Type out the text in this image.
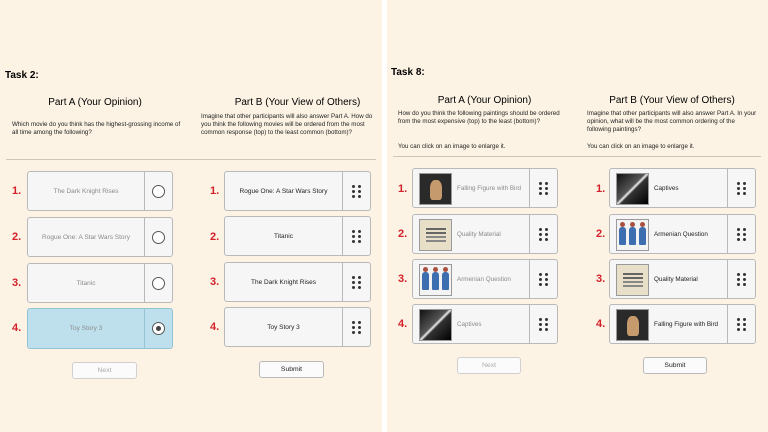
Task 2:
Part A (Your Opinion)
Which movie do you think has the highest-grossing income of all time among the following?
Part B (Your View of Others)
Imagine that other participants will also answer Part A. How do you think the following movies will be ordered from the most common response (top) to the least common (bottom)?
1.	The Dark Knight Rises
2.	Rogue One: A Star Wars Story
3.	Titanic
4.	Toy Story 3
Next
1.	Rogue One: A Star Wars Story
2.	Titanic
3.	The Dark Knight Rises
4.	Toy Story 3
Submit
Task 8:
Part A (Your Opinion)
How do you think the following paintings should be ordered from the most expensive (top) to the least (bottom)?
You can click on an image to enlarge it.
Part B (Your View of Others)
Imagine that other participants will also answer Part A. In your opinion, what will be the most common ordering of the following paintings?
You can click on an image to enlarge it.
1.	Falling Figure with Bird
2.	Quality Material
3.	Armenian Question
4.	Captives
Next
1.	Captives
2.	Armenian Question
3.	Quality Material
4.	Falling Figure with Bird
Submit
